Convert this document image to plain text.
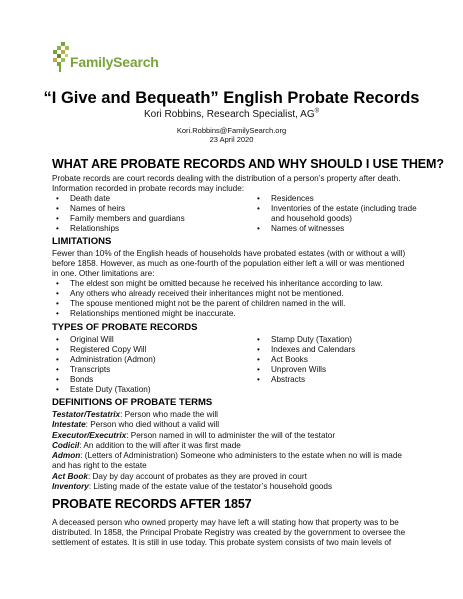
FamilySearch
“I Give and Bequeath” English Probate Records
Kori Robbins, Research Specialist, AG®
Kori.Robbins@FamilySearch.org
23 April 2020
WHAT ARE PROBATE RECORDS AND WHY SHOULD I USE THEM?
Probate records are court records dealing with the distribution of a person’s property after death. Information recorded in probate records may include:
• Death date
• Names of heirs
• Family members and guardians
• Relationships
• Residences
• Inventories of the estate (including trade and household goods)
• Names of witnesses
LIMITATIONS
Fewer than 10% of the English heads of households have probated estates (with or without a will) before 1858. However, as much as one-fourth of the population either left a will or was mentioned in one. Other limitations are:
• The eldest son might be omitted because he received his inheritance according to law.
• Any others who already received their inheritances might not be mentioned.
• The spouse mentioned might not be the parent of children named in the will.
• Relationships mentioned might be inaccurate.
TYPES OF PROBATE RECORDS
• Original Will
• Registered Copy Will
• Administration (Admon)
• Transcripts
• Bonds
• Estate Duty (Taxation)
• Stamp Duty (Taxation)
• Indexes and Calendars
• Act Books
• Unproven Wills
• Abstracts
DEFINITIONS OF PROBATE TERMS
Testator/Testatrix: Person who made the will
Intestate: Person who died without a valid will
Executor/Executrix: Person named in will to administer the will of the testator
Codicil: An addition to the will after it was first made
Admon: (Letters of Administration) Someone who administers to the estate when no will is made and has right to the estate
Act Book: Day by day account of probates as they are proved in court
Inventory: Listing made of the estate value of the testator’s household goods
PROBATE RECORDS AFTER 1857
A deceased person who owned property may have left a will stating how that property was to be distributed. In 1858, the Principal Probate Registry was created by the government to oversee the settlement of estates. It is still in use today. This probate system consists of two main levels of
